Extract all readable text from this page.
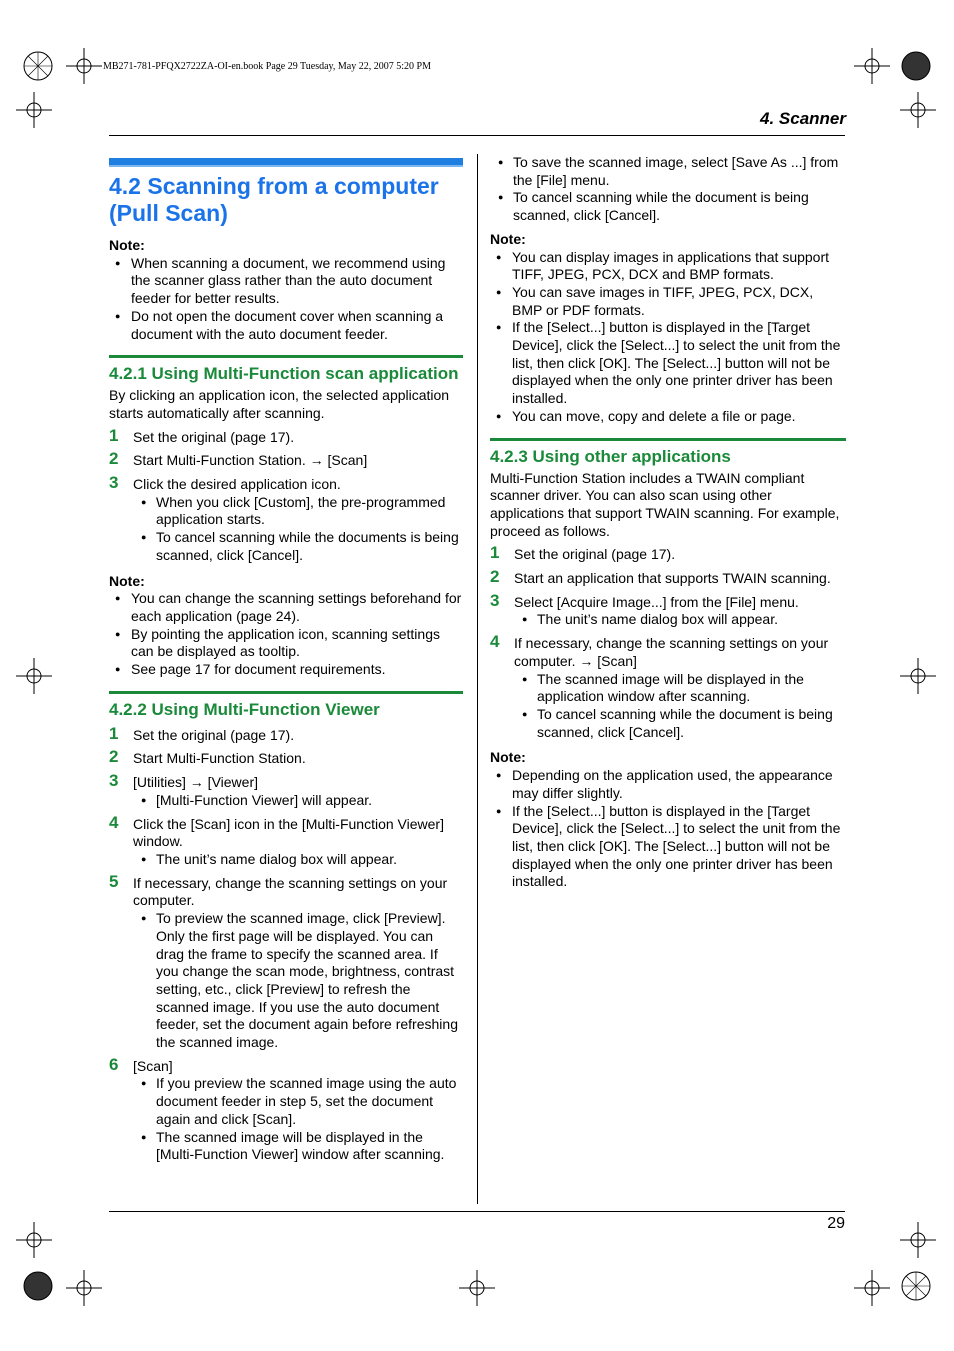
MB271-781-PFQX2722ZA-OI-en.book Page 29 Tuesday, May 22, 2007 5:20 PM
4. Scanner
29
4.2 Scanning from a computer (Pull Scan)
Note:
● When scanning a document, we recommend using the scanner glass rather than the auto document feeder for better results.
● Do not open the document cover when scanning a document with the auto document feeder.
4.2.1 Using Multi-Function scan application

By clicking an application icon, the selected application starts automatically after scanning.

1 Set the original (page 17).
2 Start Multi-Function Station. → [Scan]
3 Click the desired application icon.
● When you click [Custom], the pre-programmed application starts.
● To cancel scanning while the documents is being scanned, click [Cancel].
Note:
● You can change the scanning settings beforehand for each application (page 24).
● By pointing the application icon, scanning settings can be displayed as tooltip.
● See page 17 for document requirements.
4.2.2 Using Multi-Function Viewer
1 Set the original (page 17).
2 Start Multi-Function Station.
3 [Utilities] → [Viewer]
● [Multi-Function Viewer] will appear.
4 Click the [Scan] icon in the [Multi-Function Viewer] window.
● The unit’s name dialog box will appear.
5 If necessary, change the scanning settings on your computer.
● To preview the scanned image, click [Preview]. Only the first page will be displayed. You can drag the frame to specify the scanned area. If you change the scan mode, brightness, contrast setting, etc., click [Preview] to refresh the scanned image. If you use the auto document feeder, set the document again before refreshing the scanned image.
6 [Scan]
● If you preview the scanned image using the auto document feeder in step 5, set the document again and click [Scan].
● The scanned image will be displayed in the [Multi-Function Viewer] window after scanning.
● To save the scanned image, select [Save As ...] from the [File] menu.
● To cancel scanning while the document is being scanned, click [Cancel].
Note:
● You can display images in applications that support TIFF, JPEG, PCX, DCX and BMP formats.
● You can save images in TIFF, JPEG, PCX, DCX, BMP or PDF formats.
● If the [Select...] button is displayed in the [Target Device], click the [Select...] to select the unit from the list, then click [OK]. The [Select...] button will not be displayed when the only one printer driver has been installed.
● You can move, copy and delete a file or page.
4.2.3 Using other applications

Multi-Function Station includes a TWAIN compliant scanner driver. You can also scan using other applications that support TWAIN scanning. For example, proceed as follows.

1 Set the original (page 17).
2 Start an application that supports TWAIN scanning.
3 Select [Acquire Image...] from the [File] menu.
● The unit’s name dialog box will appear.
4 If necessary, change the scanning settings on your computer. → [Scan]
● The scanned image will be displayed in the application window after scanning.
● To cancel scanning while the document is being scanned, click [Cancel].
Note:
● Depending on the application used, the appearance may differ slightly.
● If the [Select...] button is displayed in the [Target Device], click the [Select...] to select the unit from the list, then click [OK]. The [Select...] button will not be displayed when the only one printer driver has been installed.
